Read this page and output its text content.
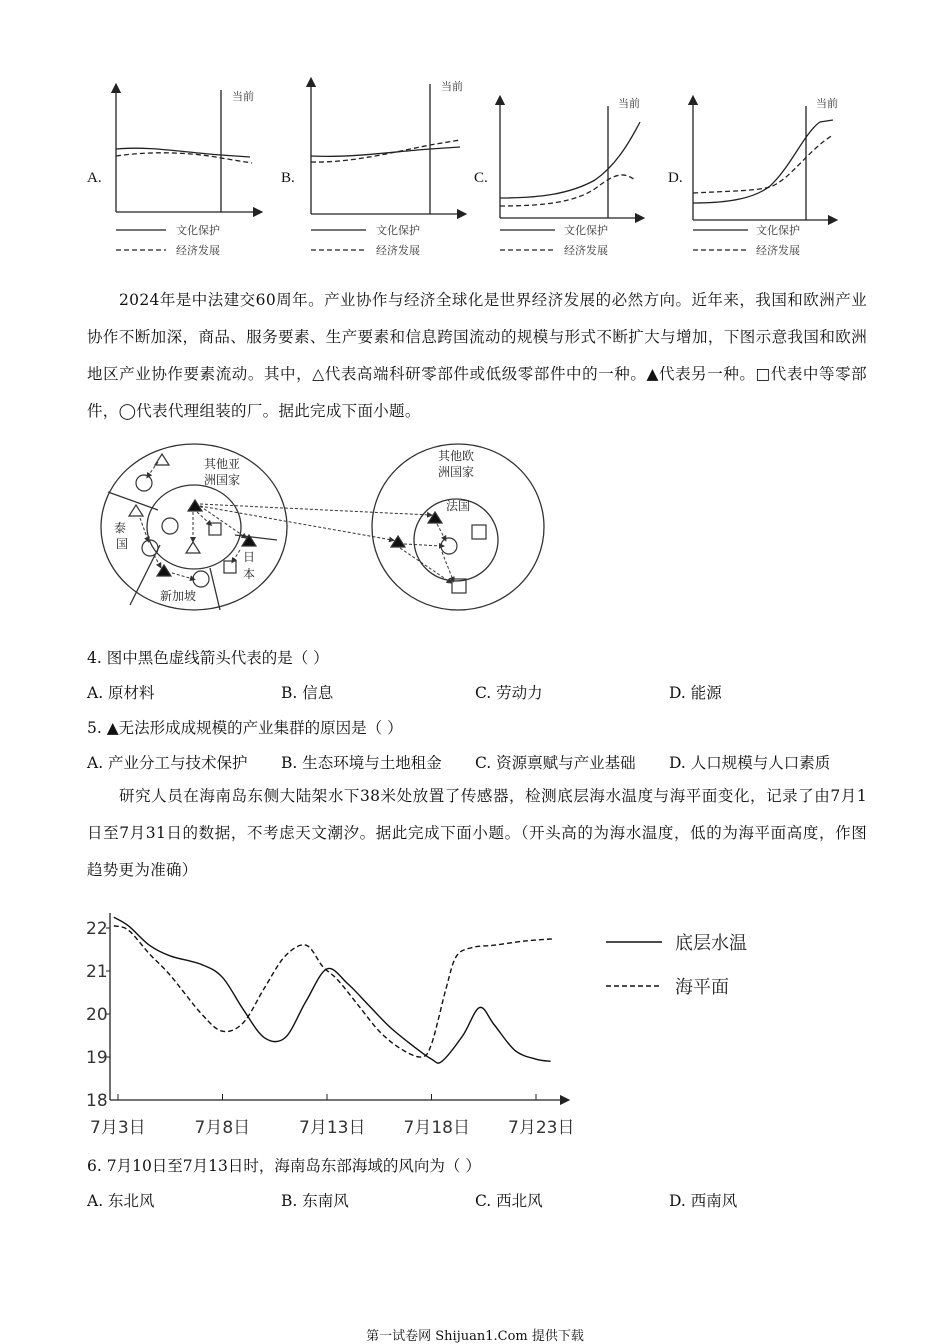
A.	B.	C.	D.
当前
文化保护
经济发展
当前
文化保护
经济发展
当前
文化保护
经济发展
当前
文化保护
经济发展
2024年是中法建交60周年。产业协作与经济全球化是世界经济发展的必然方向。近年来，我国和欧洲产业协作不断加深，商品、服务要素、生产要素和信息跨国流动的规模与形式不断扩大与增加，下图示意我国和欧洲地区产业协作要素流动。其中，△代表高端科研零部件或低级零部件中的一种。▲代表另一种。□代表中等零部件，◯代表代理组装的厂。据此完成下面小题。
其他亚
洲国家
泰
国
新加坡
日
本
其他欧
洲国家
法国
4. 图中黑色虚线箭头代表的是（ ）
A. 原材料	B. 信息	C. 劳动力	D. 能源
5. ▲无法形成成规模的产业集群的原因是（ ）
A. 产业分工与技术保护 B. 生态环境与土地租金 C. 资源禀赋与产业基础 D. 人口规模与人口素质
研究人员在海南岛东侧大陆架水下38米处放置了传感器，检测底层海水温度与海平面变化，记录了由7月1日至7月31日的数据，不考虑天文潮汐。据此完成下面小题。（开头高的为海水温度，低的为海平面高度，作图趋势更为准确）
22
21
20
19
18
7月3日	7月8日	7月13日 7月18日 7月23日
底层水温
海平面
6. 7月10日至7月13日时，海南岛东部海域的风向为（ ）
A. 东北风	B. 东南风	C. 西北风	D. 西南风
第一试卷网 Shijuan1.Com 提供下载
